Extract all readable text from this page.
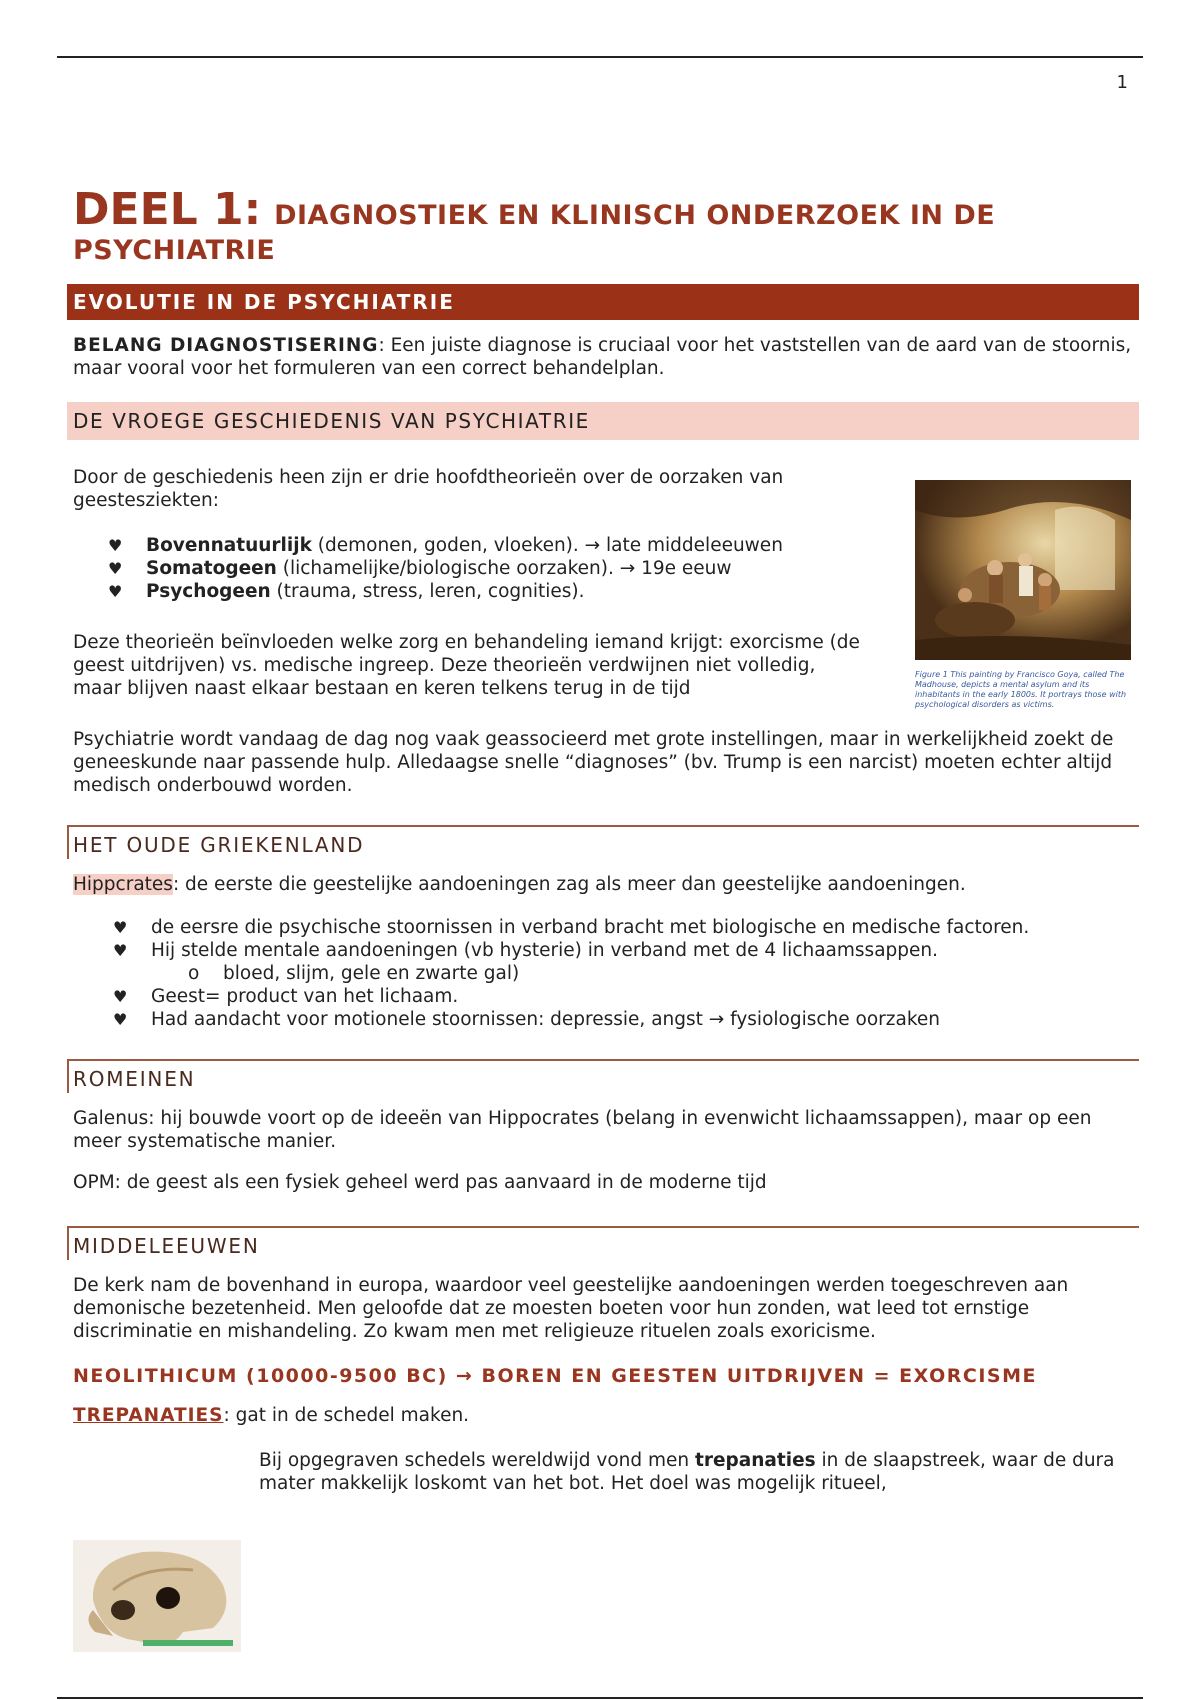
1
DEEL 1: DIAGNOSTIEK EN KLINISCH ONDERZOEK IN DE
PSYCHIATRIE
EVOLUTIE IN DE PSYCHIATRIE

BELANG DIAGNOSTISERING: Een juiste diagnose is cruciaal voor het vaststellen van de aard van de stoornis, maar vooral voor het formuleren van een correct behandelplan.

DE VROEGE GESCHIEDENIS VAN PSYCHIATRIE

Door de geschiedenis heen zijn er drie hoofdtheorieën over de oorzaken van geestesziekten:

♥ Bovennatuurlijk (demonen, goden, vloeken). → late middeleeuwen
♥ Somatogeen (lichamelijke/biologische oorzaken). → 19e eeuw
♥ Psychogeen (trauma, stress, leren, cognities).

Deze theorieën beïnvloeden welke zorg en behandeling iemand krijgt: exorcisme (de geest uitdrijven) vs. medische ingreep. Deze theorieën verdwijnen niet volledig, maar blijven naast elkaar bestaan en keren telkens terug in de tijd

Psychiatrie wordt vandaag de dag nog vaak geassocieerd met grote instellingen, maar in werkelijkheid zoekt de geneeskunde naar passende hulp. Alledaagse snelle “diagnoses” (bv. Trump is een narcist) moeten echter altijd medisch onderbouwd worden.

HET OUDE GRIEKENLAND

Hippcrates: de eerste die geestelijke aandoeningen zag als meer dan geestelijke aandoeningen.

♥ de eersre die psychische stoornissen in verband bracht met biologische en medische factoren.
♥ Hij stelde mentale aandoeningen (vb hysterie) in verband met de 4 lichaamssappen.
o bloed, slijm, gele en zwarte gal)
♥ Geest= product van het lichaam.
♥ Had aandacht voor motionele stoornissen: depressie, angst → fysiologische oorzaken
ROMEINEN

Galenus: hij bouwde voort op de ideeën van Hippocrates (belang in evenwicht lichaamssappen), maar op een meer systematische manier.

OPM: de geest als een fysiek geheel werd pas aanvaard in de moderne tijd

MIDDELEEUWEN

De kerk nam de bovenhand in europa, waardoor veel geestelijke aandoeningen werden toegeschreven aan demonische bezetenheid. Men geloofde dat ze moesten boeten voor hun zonden, wat leed tot ernstige discriminatie en mishandeling. Zo kwam men met religieuze rituelen zoals exoricisme.

NEOLITHICUM (10000-9500 BC) → BOREN EN GEESTEN UITDRIJVEN = EXORCISME

TREPANATIES: gat in de schedel maken.

Bij opgegraven schedels wereldwijd vond men trepanaties in de slaapstreek, waar de dura mater makkelijk loskomt van het bot. Het doel was mogelijk ritueel,

Figure 1 This painting by Francisco Goya, called The Madhouse, depicts a mental asylum and its inhabitants in the early 1800s. It portrays those with psychological disorders as victims.
